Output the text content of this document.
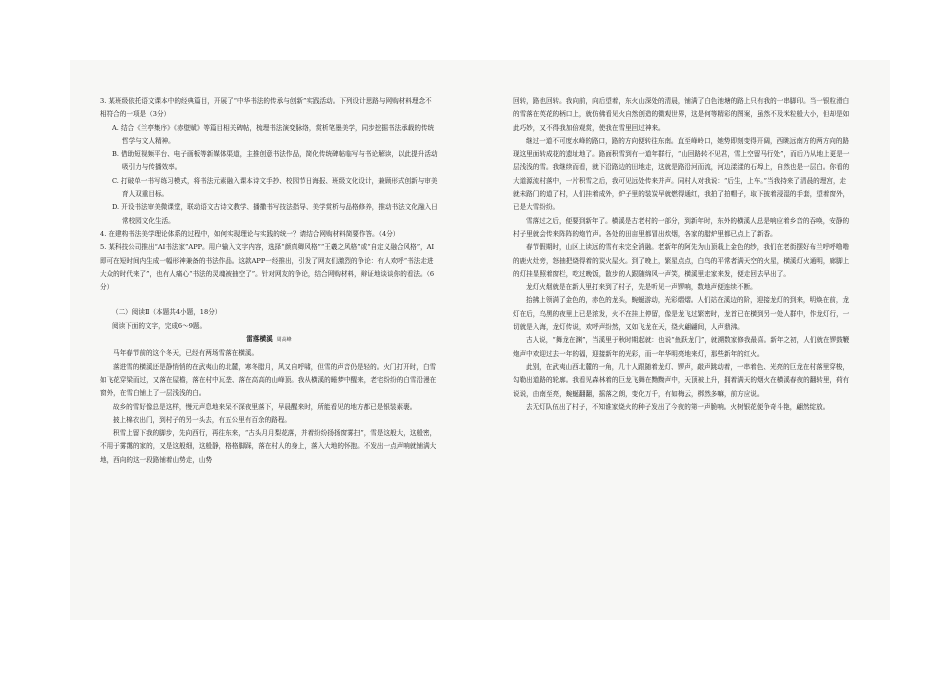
3. 某班级依托语文课本中的经典篇目，开展了“中华书法的传承与创新”实践活动。下列设计思路与网购材料理念不相符合的一项是（3分）
A. 结合《兰亭集序》《赤壁赋》等篇目相关碑帖，梳理书法演变脉络，赏析笔墨美学，同步挖掘书法承载的传统哲学与文人精神。
B. 借助短视频平台、电子画板等新媒体渠道，主推创意书法作品，简化传统碑帖临写与书论解读，以此提升活动吸引力与传播效率。
C. 打破单一书写练习模式，将书法元素融入课本诗文手抄、校园节日海报、班级文化设计，兼顾形式创新与审美育人双重目标。
D. 开设书法审美微课堂，联动语文古诗文教学、播撒书写技法指导、美学赏析与品格修养，推动书法文化融入日常校园文化生活。
4. 在建构书法美学理论体系的过程中，如何实现理论与实践的统一？请结合网购材料简要作答。（4分）
5. 某科技公司推出“AI书法家”APP。用户输入文字内容，选择“颜真卿风格”“王羲之风格”或“自定义融合风格”，AI即可在短时间内生成一幅形神兼备的书法作品。这款APP一经推出，引发了网友们激烈的争论：有人欢呼“书法走进大众的时代来了”，也有人痛心“书法的灵魂被抽空了”。针对网友的争论，结合网购材料，辩证地谈谈你的看法。（6分）
（二）阅读Ⅱ（本题共4小题，18分）
阅读下面的文字，完成6～9题。
雷落横溪 周高峰

马年春节前的这个冬天，已经有两场雪落在横溪。

落进雪的横溪还是静悄悄的在武夷山的北麓，寒冬腊月，风又自呼啸，但雪的声音仍是轻的。火门打开时，白雪如飞花穿梁而过，又落在屋檐，落在村中瓦垄、落在高高的山峰顶。我从横溪的睡梦中醒来，老宅纷纷的白雪沿漫在窗外，在雪白铺上了一层浅浅的白。

故乡的雪好像总是这样，慢元声息地来呆不深夜里落下，早晨醒来时，所能看见的地方都已是银装素裹。

披上棉衣出门，到村子的另一头去，有五公里有百余的路程。

积雪上留下我的脚步，先向西行，再往东来，“古头月月梨花落，并着纷纷扬扬窗雾扫”，雪是这般大，这般密，不用于雾霭的家的，又是这般细，这般静，格格脚踩，落在村人的身上，落入大地的怀抱。不发出一点声响就铺满大地，西向的这一段路铺着山势走，山势

回转，路也回转。我向前，向后望着，东火山深处的清晨，铺满了白色池塘的路上只有我的一串脚印。当一银粒滑白的雪落在英花的柄口上，就仿佛看见火自然创造的微观世界，这是何等精彩的图案，虽然不及米粒般大小，但却是如此巧妙，又不得我加倍观赏，使我在雪里回过神来。

继过一道不可度水峰的路口，路的方向便转往东南。直至峰岭口，她势即刻变得开阔，西眺远南方的两方向的路现这里面转成花的遗址地了。路面积雪到有一道年群行，“山回路转不见君，雪上空留马行处”，而后乃从地上更是一层浅浅的雪。我继续而看，就下沿路边的田地走，这就是路沿河而流，河边漾漾的石埠上，自然也是一层白。你看的大道源流村落中，一片积雪之后，我可见远处传来并声。同村人对我说：“后生，上车。”当我持来了清晨的理宫，走就未路门的道了村，人们挂着成外，炉子里的装炭早就燃得通红，我拍了拍帽子，取下披着浸湿的手套，望着窗外，已是大雪纷纷。

雪落过之后，便要到新年了。横溪是古老村的一部分，到新年时，东外的横溪人总是响应着乡音的吞唤，安静的村子里就会传来阵阵的炮竹声。各处的田亩里都冒出炊烟，各家的腊炉里都已点上了新香。

春节假期时，山区上读远的雪有未完全消融。老新年的阿先为山顶栽上金色的纱，我们在老街摆好布兰呼呼噜噜的鹿火灶旁，怒抽把烧得着的炭火屋火。到了晚上，繁星点点，白鸟的平常者满天空的火星，横溪灯火通明，廊脚上的灯挂显照着窗栏，吃过晚饭，散步的人跟随绵风一声笑，横溪里走家来发，便走回去早出了。

龙灯火烟就是在新人里打来到了村子，先是听见一声锣响，数地声便连续不断。

抬拂上领满了金色的，赤色的龙头，蜿蜒游动，光彩熠熠。人们站在溪边的阶，迎接龙灯的到来，明焕在前，龙灯在后，乌黑的夜里上已是浓发，火不在挂上停留，像是龙飞过繁密时，龙首已在横到另一处人群中，作龙灯行，一切就是入海，龙灯传说，欢呼声纷然，又如飞龙在天，绕火翩翩间，人声鼎沸。

古人说，“舞龙在渊”，当溪里于秋时期起就：也说“鱼跃龙门”，就溯数家修我最喜。新年之初，人们就在锣鼓鞭炮声中欢迎过去一年的福，迎接新年的光彩，而一年华明亮地来灯，那些新年的红火。

此别，在武夷山西北麓的一角，几十人跟随着龙灯、锣声，敲声跳动着，一串着色、光亮的巨龙在村落里穿梭，勾勒出道路的轮廓。我看见森林着的巨龙飞舞在黝黝声中，天顶被上升，拥着满天的烟火在横溪春夜的翻转里，荷有说说，由南至亮，蜿蜒翻翻，摇落之朗，变化万千，有如梅云，梆然多嘛，前方应说。

去无灯队伍出了村子，不知谁家烧火的种子发出了今夜的第一声脆响。火树银花便争奇斗艳，翩然绽放。
